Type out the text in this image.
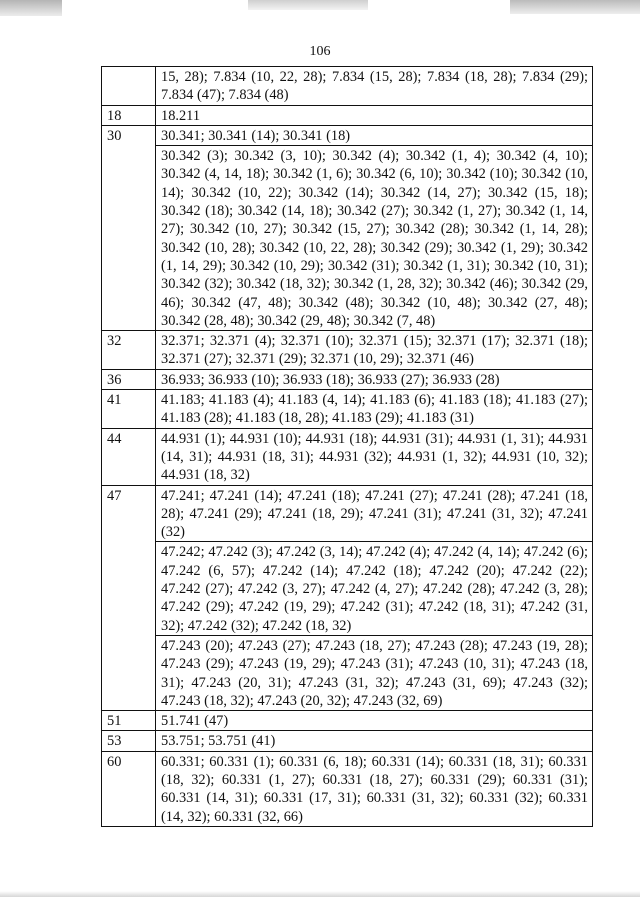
106
	15, 28); 7.834 (10, 22, 28); 7.834 (15, 28); 7.834 (18, 28); 7.834 (29); 7.834 (47); 7.834 (48)
18	18.211
30	30.341; 30.341 (14); 30.341 (18)
	30.342 (3); 30.342 (3, 10); 30.342 (4); 30.342 (1, 4); 30.342 (4, 10); 30.342 (4, 14, 18); 30.342 (1, 6); 30.342 (6, 10); 30.342 (10); 30.342 (10, 14); 30.342 (10, 22); 30.342 (14); 30.342 (14, 27); 30.342 (15, 18); 30.342 (18); 30.342 (14, 18); 30.342 (27); 30.342 (1, 27); 30.342 (1, 14, 27); 30.342 (10, 27); 30.342 (15, 27); 30.342 (28); 30.342 (1, 14, 28); 30.342 (10, 28); 30.342 (10, 22, 28); 30.342 (29); 30.342 (1, 29); 30.342 (1, 14, 29); 30.342 (10, 29); 30.342 (31); 30.342 (1, 31); 30.342 (10, 31); 30.342 (32); 30.342 (18, 32); 30.342 (1, 28, 32); 30.342 (46); 30.342 (29, 46); 30.342 (47, 48); 30.342 (48); 30.342 (10, 48); 30.342 (27, 48); 30.342 (28, 48); 30.342 (29, 48); 30.342 (7, 48)
32	32.371; 32.371 (4); 32.371 (10); 32.371 (15); 32.371 (17); 32.371 (18); 32.371 (27); 32.371 (29); 32.371 (10, 29); 32.371 (46)
36	36.933; 36.933 (10); 36.933 (18); 36.933 (27); 36.933 (28)
41	41.183; 41.183 (4); 41.183 (4, 14); 41.183 (6); 41.183 (18); 41.183 (27); 41.183 (28); 41.183 (18, 28); 41.183 (29); 41.183 (31)
44	44.931 (1); 44.931 (10); 44.931 (18); 44.931 (31); 44.931 (1, 31); 44.931 (14, 31); 44.931 (18, 31); 44.931 (32); 44.931 (1, 32); 44.931 (10, 32); 44.931 (18, 32)
47	47.241; 47.241 (14); 47.241 (18); 47.241 (27); 47.241 (28); 47.241 (18, 28); 47.241 (29); 47.241 (18, 29); 47.241 (31); 47.241 (31, 32); 47.241 (32)
	47.242; 47.242 (3); 47.242 (3, 14); 47.242 (4); 47.242 (4, 14); 47.242 (6); 47.242 (6, 57); 47.242 (14); 47.242 (18); 47.242 (20); 47.242 (22); 47.242 (27); 47.242 (3, 27); 47.242 (4, 27); 47.242 (28); 47.242 (3, 28); 47.242 (29); 47.242 (19, 29); 47.242 (31); 47.242 (18, 31); 47.242 (31, 32); 47.242 (32); 47.242 (18, 32)
	47.243 (20); 47.243 (27); 47.243 (18, 27); 47.243 (28); 47.243 (19, 28); 47.243 (29); 47.243 (19, 29); 47.243 (31); 47.243 (10, 31); 47.243 (18, 31); 47.243 (20, 31); 47.243 (31, 32); 47.243 (31, 69); 47.243 (32); 47.243 (18, 32); 47.243 (20, 32); 47.243 (32, 69)
51	51.741 (47)
53	53.751; 53.751 (41)
60	60.331; 60.331 (1); 60.331 (6, 18); 60.331 (14); 60.331 (18, 31); 60.331 (18, 32); 60.331 (1, 27); 60.331 (18, 27); 60.331 (29); 60.331 (31); 60.331 (14, 31); 60.331 (17, 31); 60.331 (31, 32); 60.331 (32); 60.331 (14, 32); 60.331 (32, 66)
